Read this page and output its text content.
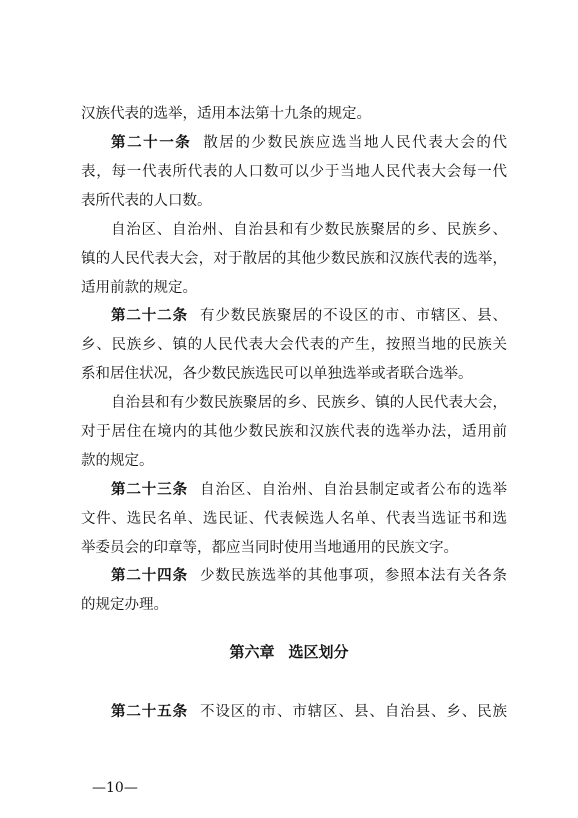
汉族代表的选举，适用本法第十九条的规定。
第二十一条 散居的少数民族应选当地人民代表大会的代
表，每一代表所代表的人口数可以少于当地人民代表大会每一代
表所代表的人口数。
自治区、自治州、自治县和有少数民族聚居的乡、民族乡、
镇的人民代表大会，对于散居的其他少数民族和汉族代表的选举，
适用前款的规定。
第二十二条 有少数民族聚居的不设区的市、市辖区、县、
乡、民族乡、镇的人民代表大会代表的产生，按照当地的民族关
系和居住状况，各少数民族选民可以单独选举或者联合选举。
自治县和有少数民族聚居的乡、民族乡、镇的人民代表大会，
对于居住在境内的其他少数民族和汉族代表的选举办法，适用前
款的规定。
第二十三条 自治区、自治州、自治县制定或者公布的选举
文件、选民名单、选民证、代表候选人名单、代表当选证书和选
举委员会的印章等，都应当同时使用当地通用的民族文字。
第二十四条 少数民族选举的其他事项，参照本法有关各条
的规定办理。
第六章 选区划分
第二十五条 不设区的市、市辖区、县、自治县、乡、民族
—10—
